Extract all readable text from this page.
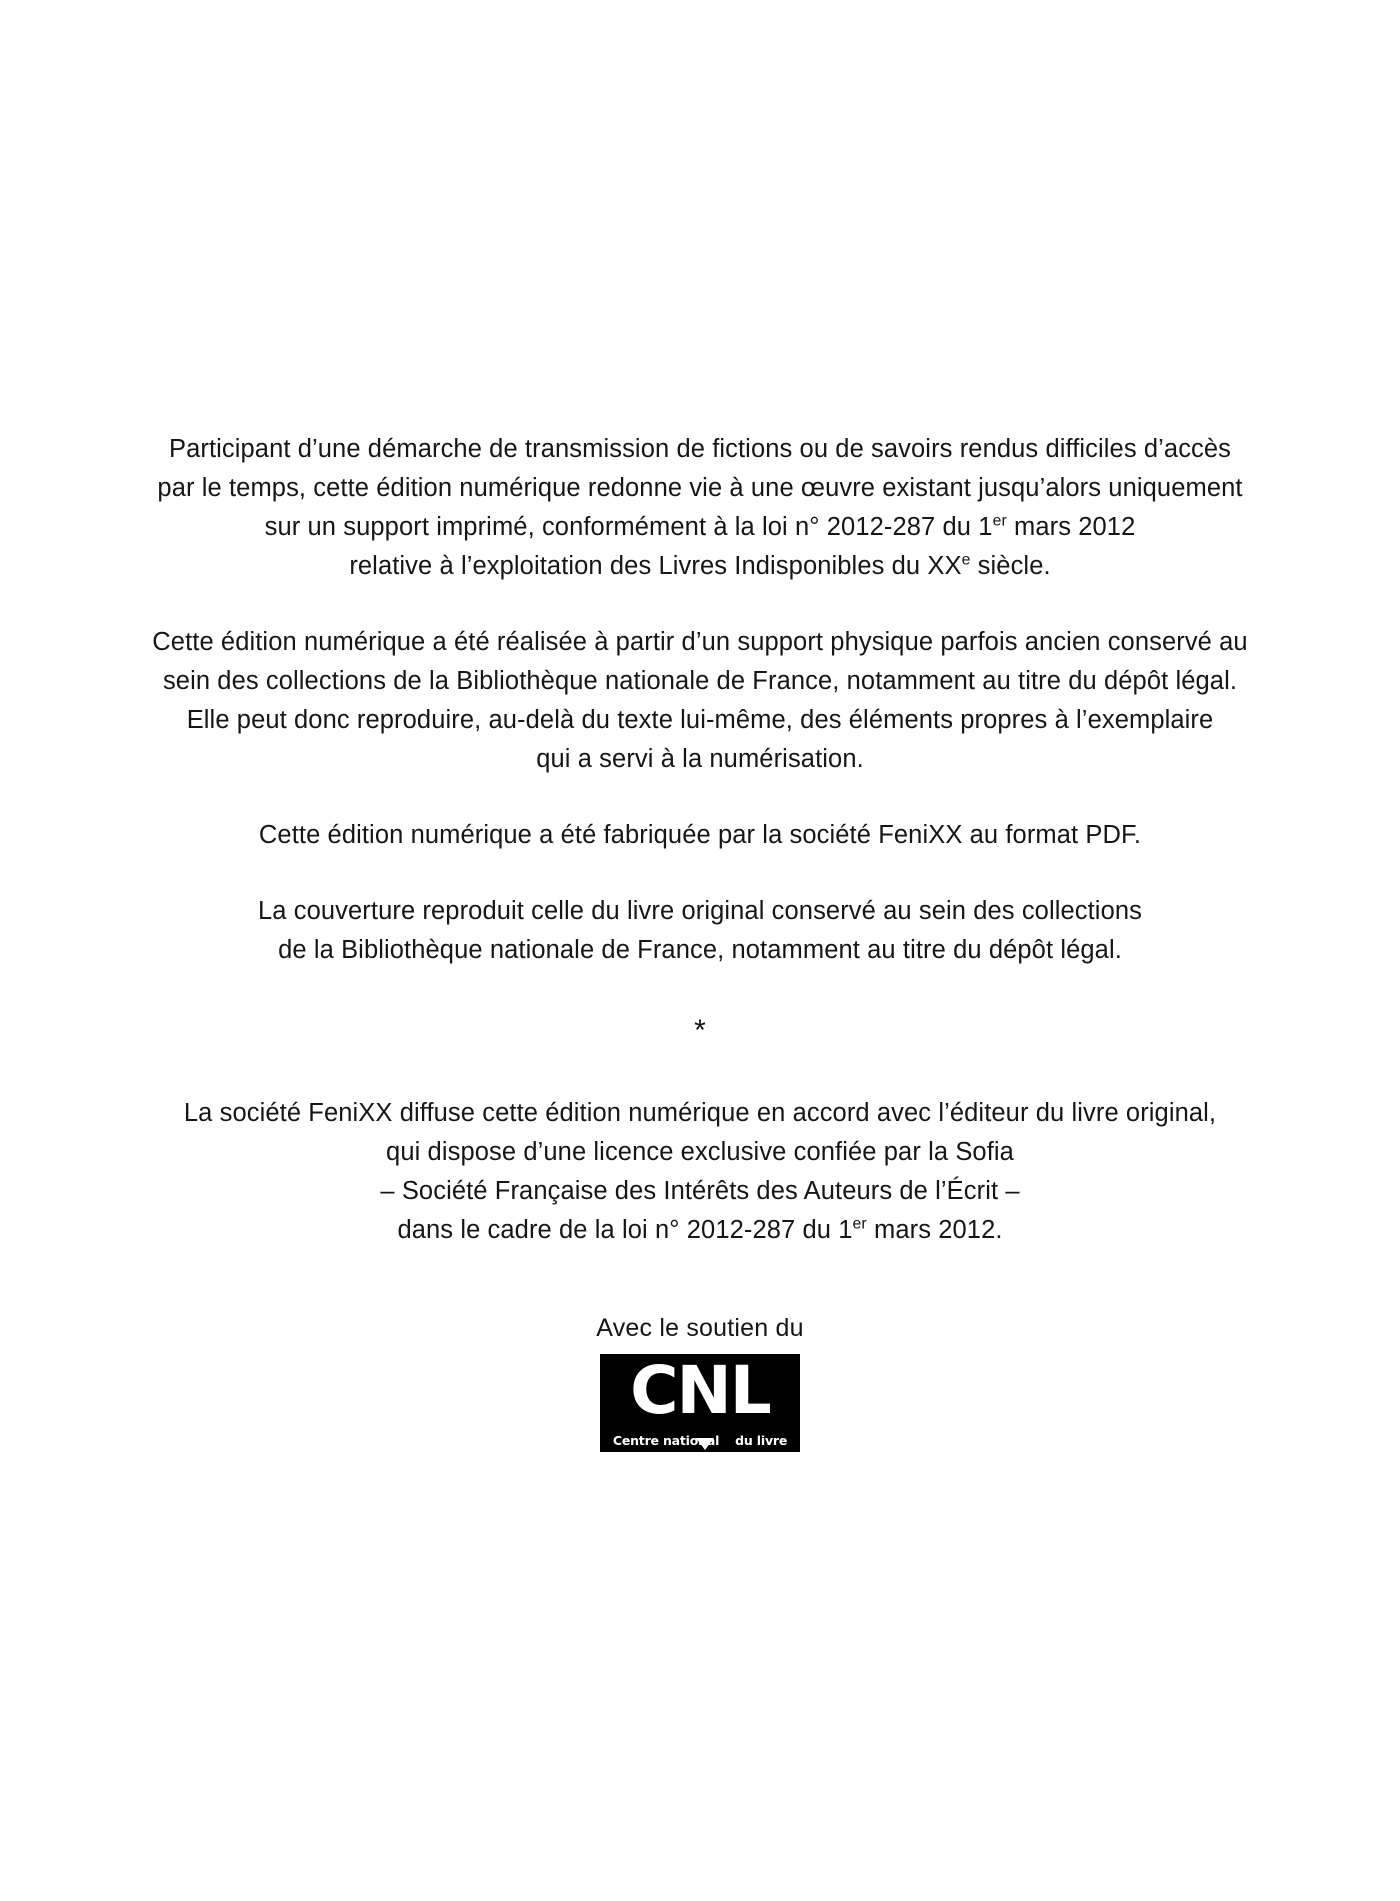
Participant d’une démarche de transmission de fictions ou de savoirs rendus difficiles d’accès
par le temps, cette édition numérique redonne vie à une œuvre existant jusqu’alors uniquement
sur un support imprimé, conformément à la loi n° 2012-287 du 1er mars 2012
relative à l’exploitation des Livres Indisponibles du XXe siècle.

Cette édition numérique a été réalisée à partir d’un support physique parfois ancien conservé au
sein des collections de la Bibliothèque nationale de France, notamment au titre du dépôt légal.
Elle peut donc reproduire, au-delà du texte lui-même, des éléments propres à l’exemplaire
qui a servi à la numérisation.

Cette édition numérique a été fabriquée par la société FeniXX au format PDF.

La couverture reproduit celle du livre original conservé au sein des collections
de la Bibliothèque nationale de France, notamment au titre du dépôt légal.

*

La société FeniXX diffuse cette édition numérique en accord avec l’éditeur du livre original,
qui dispose d’une licence exclusive confiée par la Sofia
– Société Française des Intérêts des Auteurs de l’Écrit –
dans le cadre de la loi n° 2012-287 du 1er mars 2012.

Avec le soutien du
CNL
Centre national du livre
